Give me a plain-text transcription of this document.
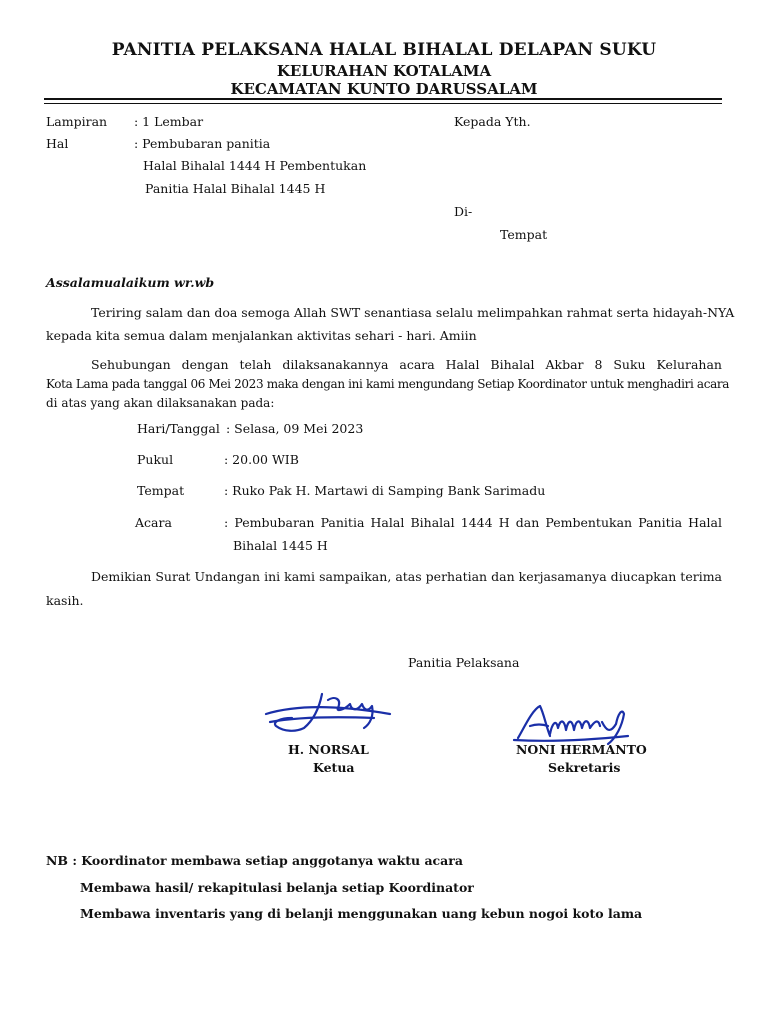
PANITIA PELAKSANA HALAL BIHALAL DELAPAN SUKU
KELURAHAN KOTALAMA
KECAMATAN KUNTO DARUSSALAM
Lampiran : 1 Lembar
Hal	: Pembubaran panitia
Halal Bihalal 1444 H Pembentukan
Panitia Halal Bihalal 1445 H
Kepada Yth.
Di-
Tempat
Assalamualaikum wr.wb
Teriring salam dan doa semoga Allah SWT senantiasa selalu melimpahkan rahmat serta hidayah-NYA
kepada kita semua dalam menjalankan aktivitas sehari - hari. Amiin
Sehubungan dengan telah dilaksanakannya acara Halal Bihalal Akbar 8 Suku Kelurahan
Kota Lama pada tanggal 06 Mei 2023 maka dengan ini kami mengundang Setiap Koordinator untuk menghadiri acara
di atas yang akan dilaksanakan pada:
Hari/Tanggal : Selasa, 09 Mei 2023
Pukul	: 20.00 WIB
Tempat	: Ruko Pak H. Martawi di Samping Bank Sarimadu
Acara	: Pembubaran Panitia Halal Bihalal 1444 H dan Pembentukan Panitia Halal
Bihalal 1445 H
Demikian Surat Undangan ini kami sampaikan, atas perhatian dan kerjasamanya diucapkan terima
kasih.
Panitia Pelaksana
H. NORSAL
Ketua
NONI HERMANTO
Sekretaris
NB : Koordinator membawa setiap anggotanya waktu acara
Membawa hasil/ rekapitulasi belanja setiap Koordinator
Membawa inventaris yang di belanji menggunakan uang kebun nogoi koto lama
